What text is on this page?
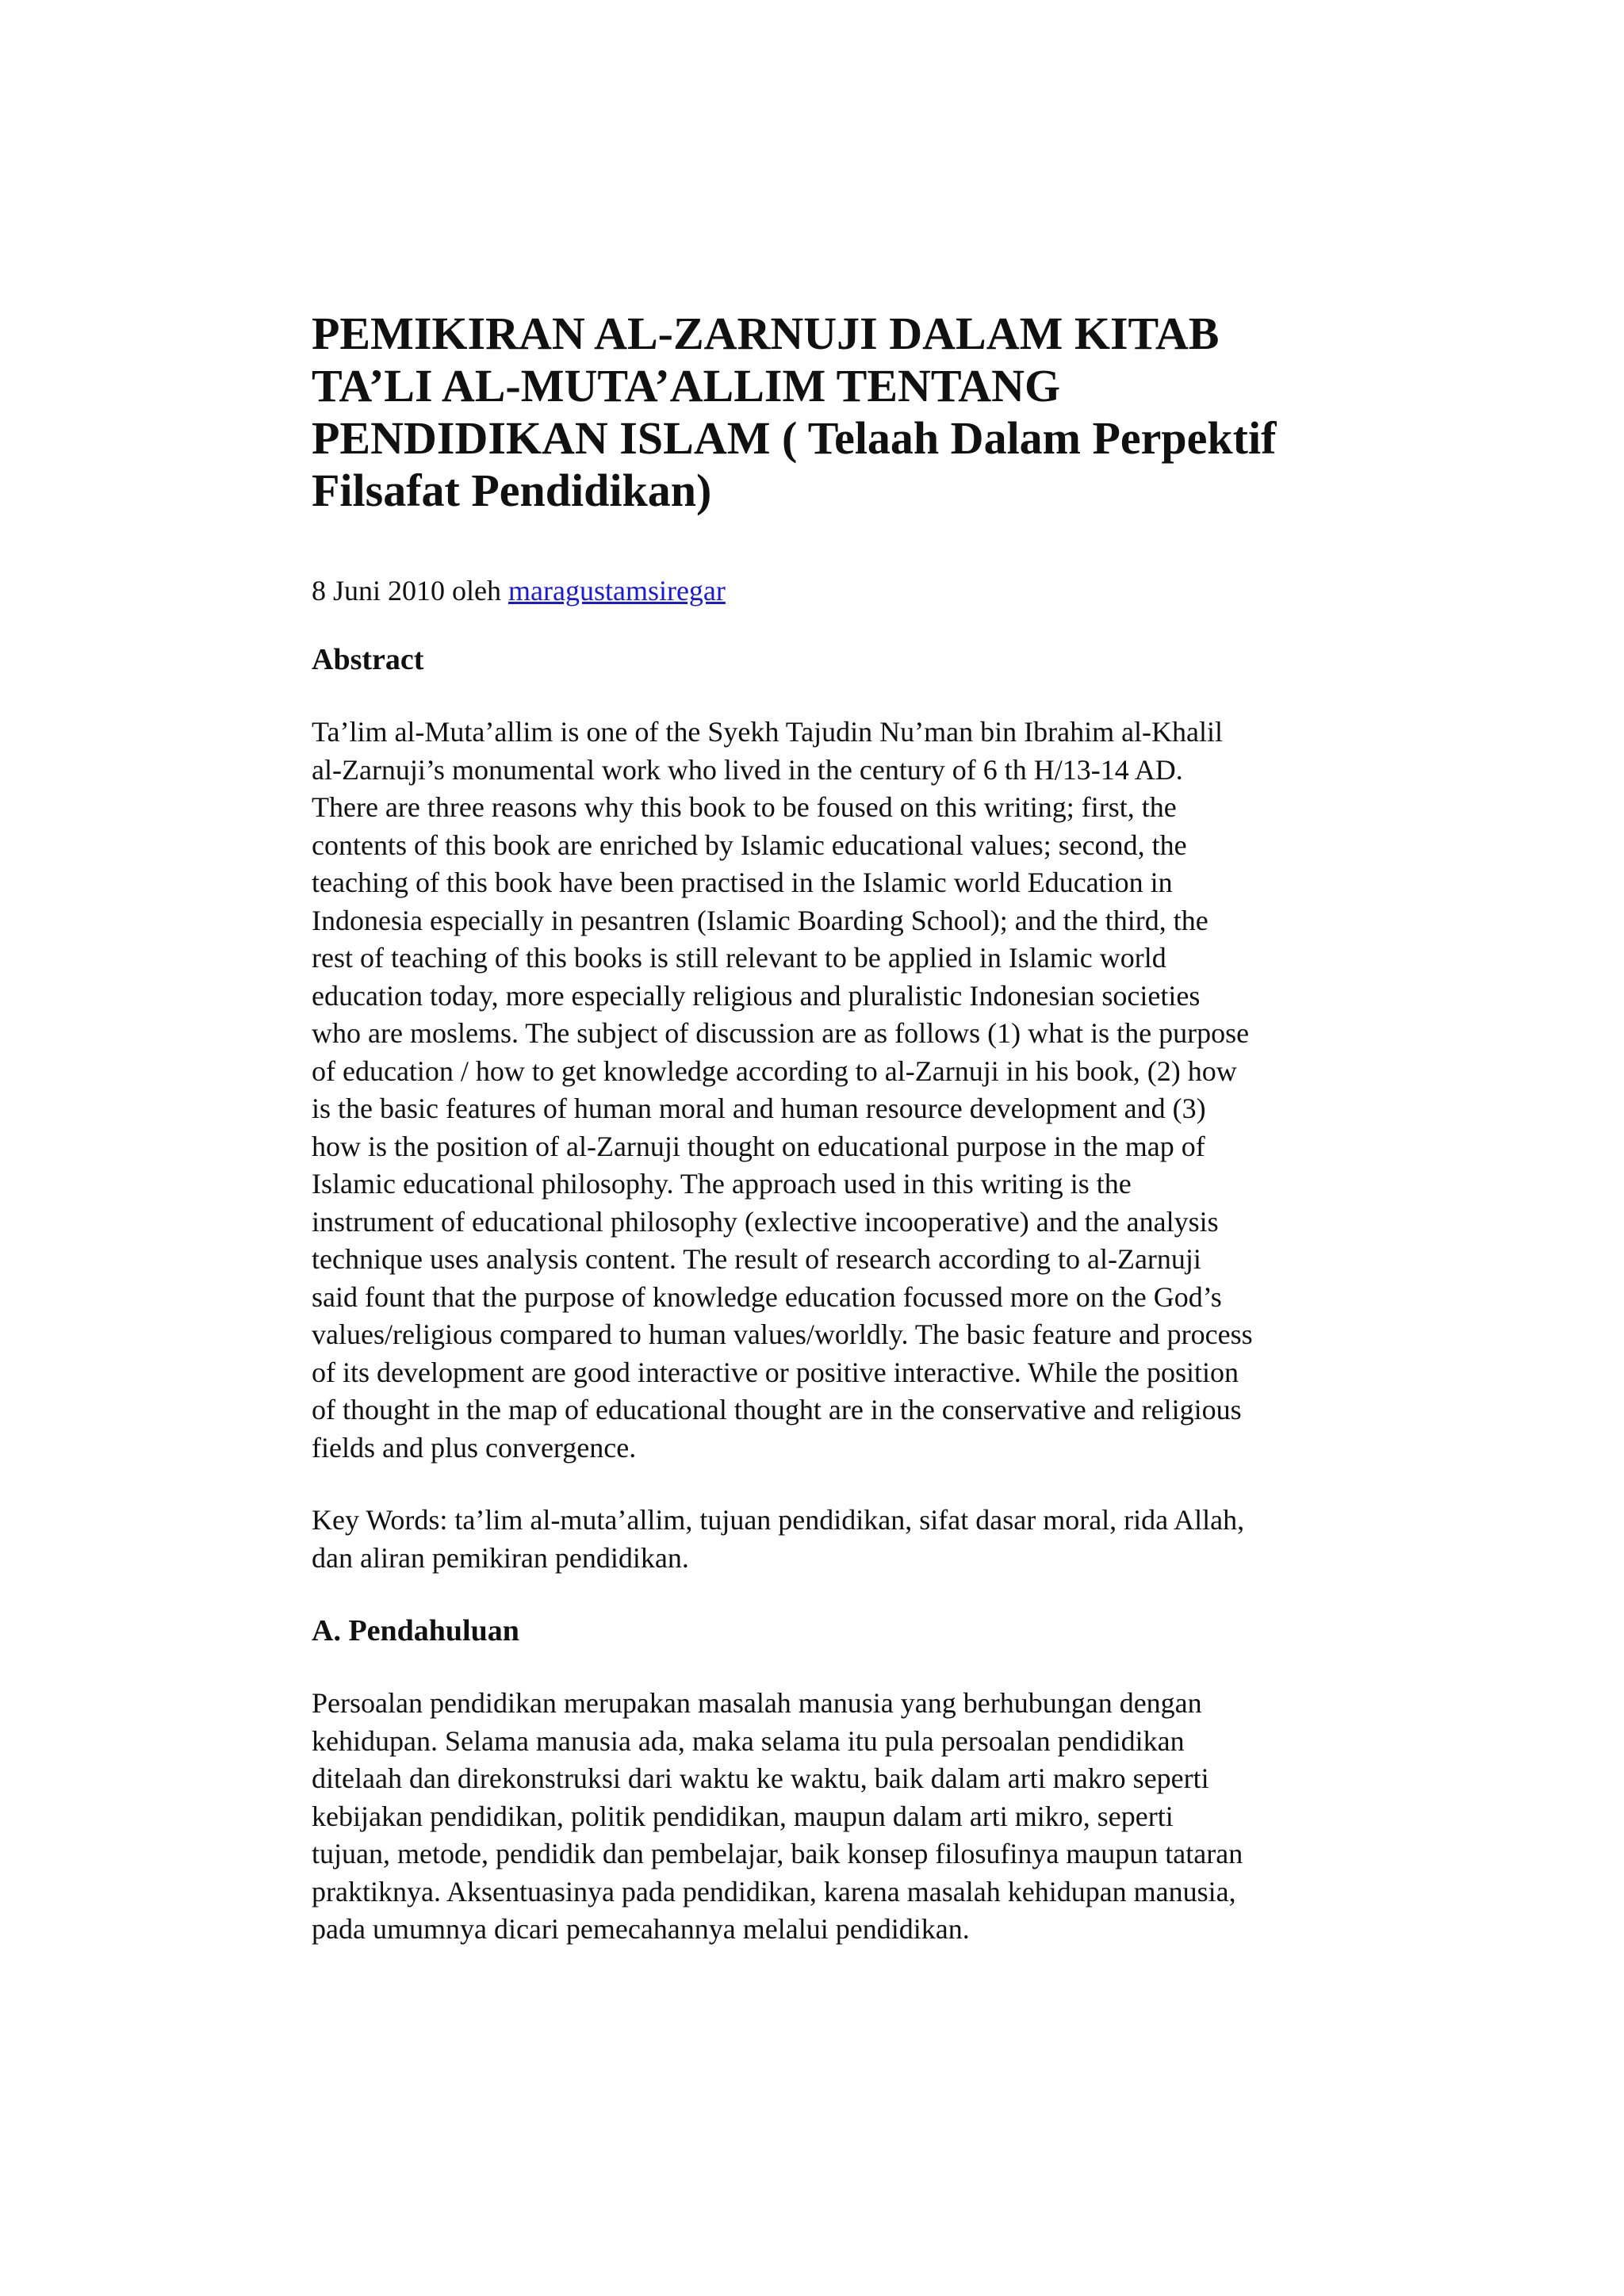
PEMIKIRAN AL-ZARNUJI DALAM KITAB
TA’LI AL-MUTA’ALLIM TENTANG
PENDIDIKAN ISLAM ( Telaah Dalam Perpektif
Filsafat Pendidikan)
8 Juni 2010 oleh maragustamsiregar
Abstract
Ta’lim al-Muta’allim is one of the Syekh Tajudin Nu’man bin Ibrahim al-Khalil
al-Zarnuji’s monumental work who lived in the century of 6 th H/13-14 AD.
There are three reasons why this book to be foused on this writing; first, the
contents of this book are enriched by Islamic educational values; second, the
teaching of this book have been practised in the Islamic world Education in
Indonesia especially in pesantren (Islamic Boarding School); and the third, the
rest of teaching of this books is still relevant to be applied in Islamic world
education today, more especially religious and pluralistic Indonesian societies
who are moslems. The subject of discussion are as follows (1) what is the purpose
of education / how to get knowledge according to al-Zarnuji in his book, (2) how
is the basic features of human moral and human resource development and (3)
how is the position of al-Zarnuji thought on educational purpose in the map of
Islamic educational philosophy. The approach used in this writing is the
instrument of educational philosophy (exlective incooperative) and the analysis
technique uses analysis content. The result of research according to al-Zarnuji
said fount that the purpose of knowledge education focussed more on the God’s
values/religious compared to human values/worldly. The basic feature and process
of its development are good interactive or positive interactive. While the position
of thought in the map of educational thought are in the conservative and religious
fields and plus convergence.
Key Words: ta’lim al-muta’allim, tujuan pendidikan, sifat dasar moral, rida Allah,
dan aliran pemikiran pendidikan.
A. Pendahuluan
Persoalan pendidikan merupakan masalah manusia yang berhubungan dengan
kehidupan. Selama manusia ada, maka selama itu pula persoalan pendidikan
ditelaah dan direkonstruksi dari waktu ke waktu, baik dalam arti makro seperti
kebijakan pendidikan, politik pendidikan, maupun dalam arti mikro, seperti
tujuan, metode, pendidik dan pembelajar, baik konsep filosufinya maupun tataran
praktiknya. Aksentuasinya pada pendidikan, karena masalah kehidupan manusia,
pada umumnya dicari pemecahannya melalui pendidikan.
